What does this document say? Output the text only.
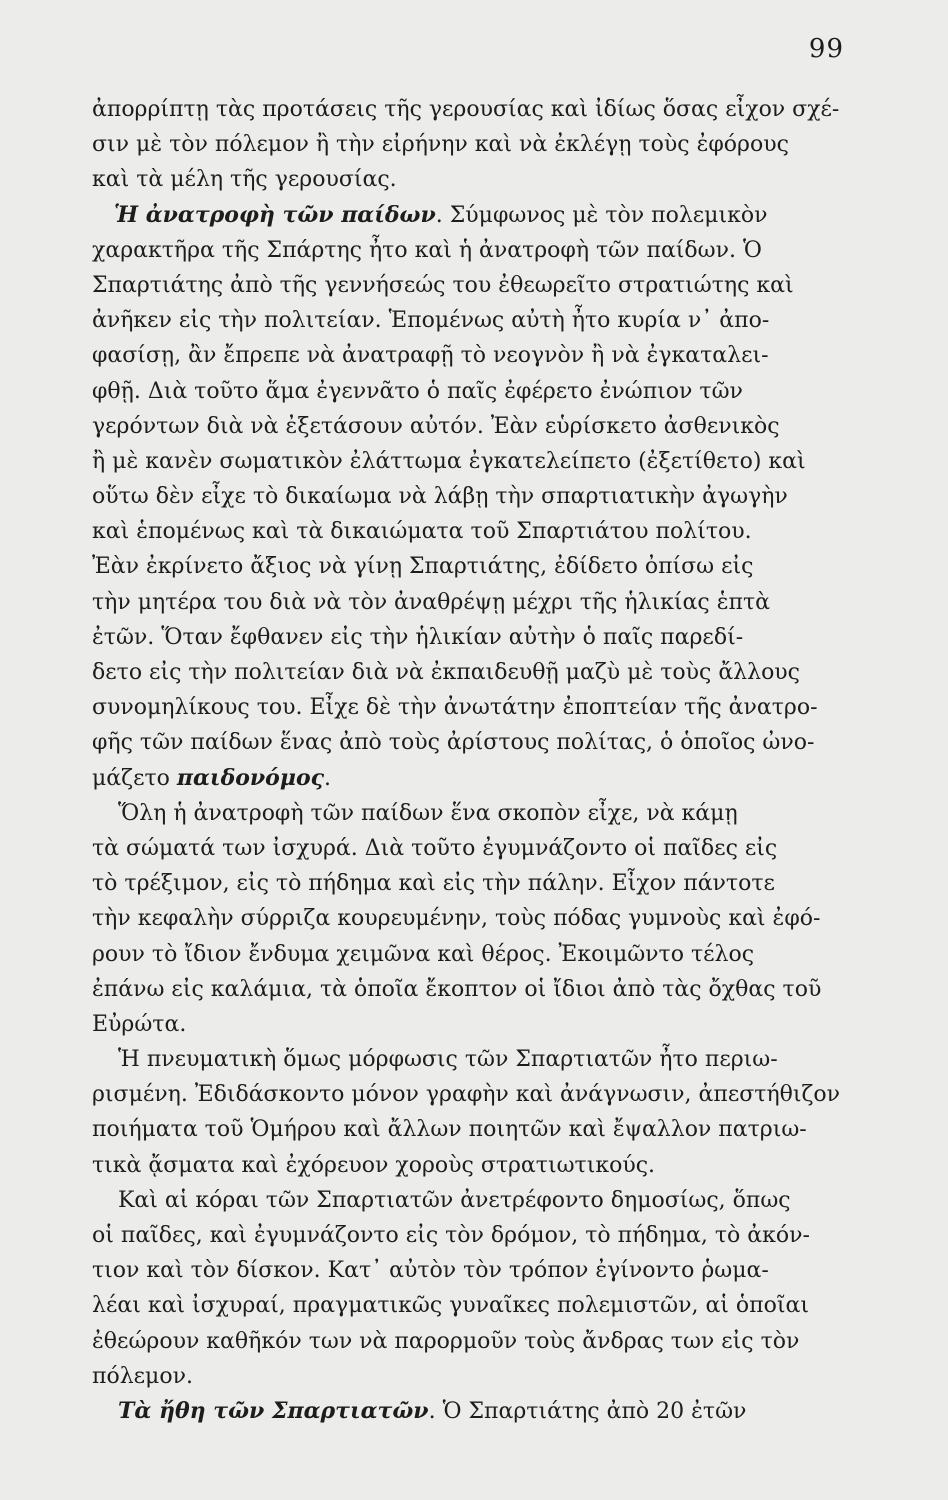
99
ἀπορρίπτῃ τὰς προτάσεις τῆς γερουσίας καὶ ἰδίως ὅσας εἶχον σχέ-
σιν μὲ τὸν πόλεμον ἢ τὴν εἰρήνην καὶ νὰ ἐκλέγῃ τοὺς ἐφόρους
καὶ τὰ μέλη τῆς γερουσίας.
Ἡ ἀνατροφὴ τῶν παίδων. Σύμφωνος μὲ τὸν πολεμικὸν
χαρακτῆρα τῆς Σπάρτης ἦτο καὶ ἡ ἀνατροφὴ τῶν παίδων. Ὁ
Σπαρτιάτης ἀπὸ τῆς γεννήσεώς του ἐθεωρεῖτο στρατιώτης καὶ
ἀνῆκεν εἰς τὴν πολιτείαν. Ἑπομένως αὐτὴ ἦτο κυρία ν᾽ ἀπο-
φασίσῃ, ἂν ἔπρεπε νὰ ἀνατραφῇ τὸ νεογνὸν ἢ νὰ ἐγκαταλει-
φθῇ. Διὰ τοῦτο ἅμα ἐγεννᾶτο ὁ παῖς ἐφέρετο ἐνώπιον τῶν
γερόντων διὰ νὰ ἐξετάσουν αὐτόν. Ἐὰν εὑρίσκετο ἀσθενικὸς
ἢ μὲ κανὲν σωματικὸν ἐλάττωμα ἐγκατελείπετο (ἐξετίθετο) καὶ
οὕτω δὲν εἶχε τὸ δικαίωμα νὰ λάβῃ τὴν σπαρτιατικὴν ἀγωγὴν
καὶ ἑπομένως καὶ τὰ δικαιώματα τοῦ Σπαρτιάτου πολίτου.
Ἐὰν ἐκρίνετο ἄξιος νὰ γίνῃ Σπαρτιάτης, ἐδίδετο ὀπίσω εἰς
τὴν μητέρα του διὰ νὰ τὸν ἀναθρέψῃ μέχρι τῆς ἡλικίας ἑπτὰ
ἐτῶν. Ὅταν ἔφθανεν εἰς τὴν ἡλικίαν αὐτὴν ὁ παῖς παρεδί-
δετο εἰς τὴν πολιτείαν διὰ νὰ ἐκπαιδευθῇ μαζὺ μὲ τοὺς ἄλλους
συνομηλίκους του. Εἶχε δὲ τὴν ἀνωτάτην ἐποπτείαν τῆς ἀνατρο-
φῆς τῶν παίδων ἕνας ἀπὸ τοὺς ἀρίστους πολίτας, ὁ ὁποῖος ὠνο-
μάζετο παιδονόμος.
Ὅλη ἡ ἀνατροφὴ τῶν παίδων ἕνα σκοπὸν εἶχε, νὰ κάμῃ
τὰ σώματά των ἰσχυρά. Διὰ τοῦτο ἐγυμνάζοντο οἱ παῖδες εἰς
τὸ τρέξιμον, εἰς τὸ πήδημα καὶ εἰς τὴν πάλην. Εἶχον πάντοτε
τὴν κεφαλὴν σύρριζα κουρευμένην, τοὺς πόδας γυμνοὺς καὶ ἐφό-
ρουν τὸ ἴδιον ἔνδυμα χειμῶνα καὶ θέρος. Ἐκοιμῶντο τέλος
ἐπάνω εἰς καλάμια, τὰ ὁποῖα ἔκοπτον οἱ ἴδιοι ἀπὸ τὰς ὄχθας τοῦ
Εὐρώτα.
Ἡ πνευματικὴ ὅμως μόρφωσις τῶν Σπαρτιατῶν ἦτο περιω-
ρισμένη. Ἐδιδάσκοντο μόνον γραφὴν καὶ ἀνάγνωσιν, ἀπεστήθιζον
ποιήματα τοῦ Ὁμήρου καὶ ἄλλων ποιητῶν καὶ ἔψαλλον πατριω-
τικὰ ᾄσματα καὶ ἐχόρευον χοροὺς στρατιωτικούς.
Καὶ αἱ κόραι τῶν Σπαρτιατῶν ἀνετρέφοντο δημοσίως, ὅπως
οἱ παῖδες, καὶ ἐγυμνάζοντο εἰς τὸν δρόμον, τὸ πήδημα, τὸ ἀκόν-
τιον καὶ τὸν δίσκον. Κατ᾽ αὐτὸν τὸν τρόπον ἐγίνοντο ῥωμα-
λέαι καὶ ἰσχυραί, πραγματικῶς γυναῖκες πολεμιστῶν, αἱ ὁποῖαι
ἐθεώρουν καθῆκόν των νὰ παρορμοῦν τοὺς ἄνδρας των εἰς τὸν
πόλεμον.
Τὰ ἤθη τῶν Σπαρτιατῶν. Ὁ Σπαρτιάτης ἀπὸ 20 ἐτῶν
